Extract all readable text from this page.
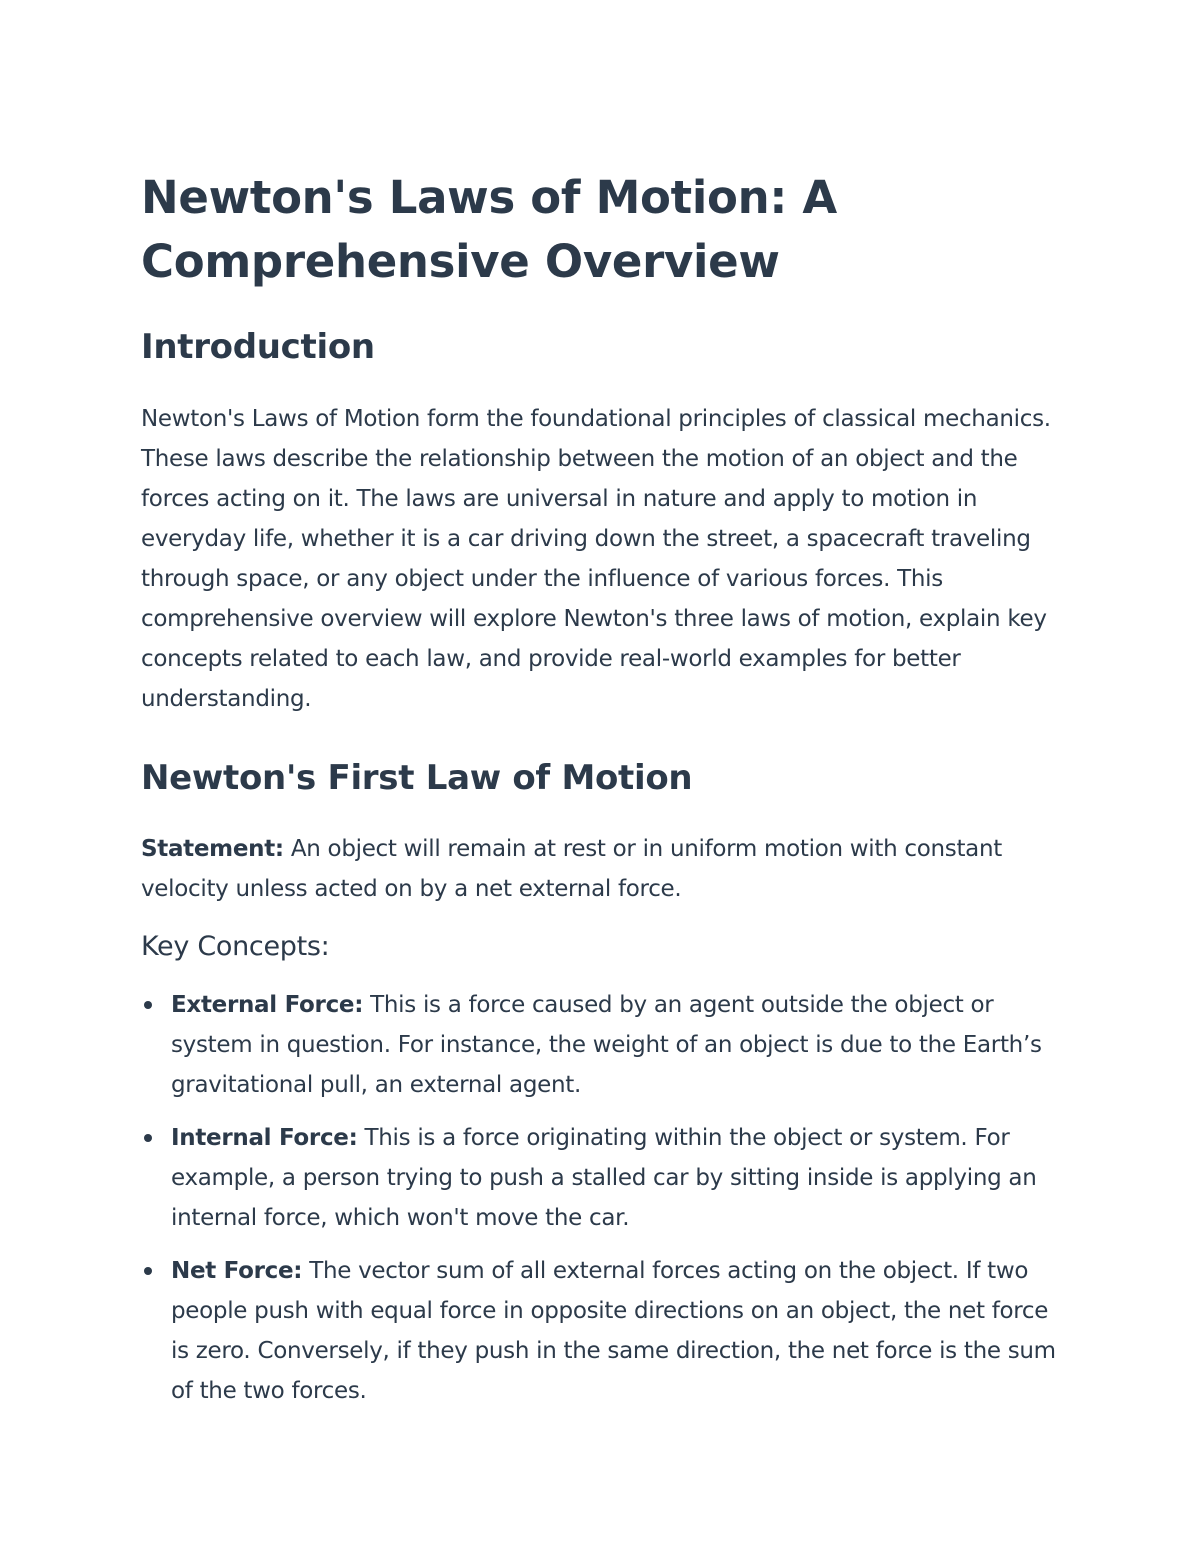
Newton's Laws of Motion: A Comprehensive Overview
Introduction

Newton's Laws of Motion form the foundational principles of classical mechanics. These laws describe the relationship between the motion of an object and the forces acting on it. The laws are universal in nature and apply to motion in everyday life, whether it is a car driving down the street, a spacecraft traveling through space, or any object under the influence of various forces. This comprehensive overview will explore Newton's three laws of motion, explain key concepts related to each law, and provide real-world examples for better understanding.

Newton's First Law of Motion

Statement: An object will remain at rest or in uniform motion with constant velocity unless acted on by a net external force.

Key Concepts:
External Force: This is a force caused by an agent outside the object or system in question. For instance, the weight of an object is due to the Earth’s gravitational pull, an external agent.
Internal Force: This is a force originating within the object or system. For example, a person trying to push a stalled car by sitting inside is applying an internal force, which won't move the car.
Net Force: The vector sum of all external forces acting on the object. If two people push with equal force in opposite directions on an object, the net force is zero. Conversely, if they push in the same direction, the net force is the sum of the two forces.
